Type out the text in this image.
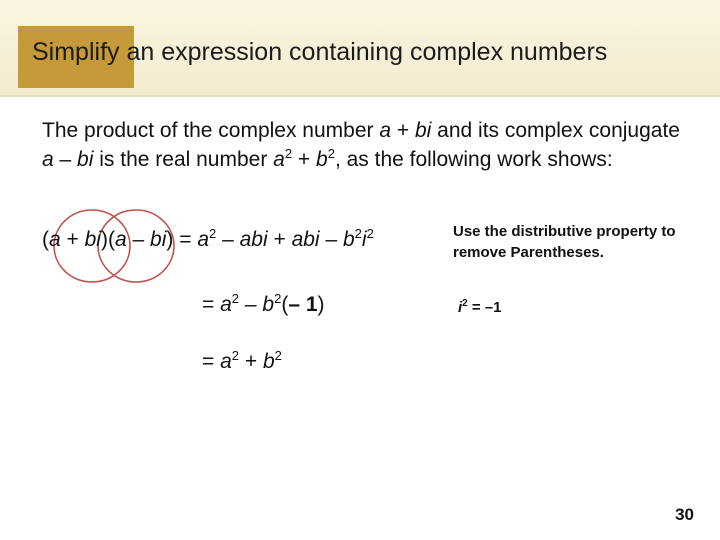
Simplify an expression containing complex numbers

The product of the complex number a + bi and its complex conjugate a – bi is the real number $a^2 + b^2$, as the following work shows:

$(a + bi)(a - bi) = a^2$ – abi + abi – $b^2i^2$	Use the distributive property to remove Parentheses.
= $a^2 - b^2(-$ 1)	$i^2 = -1$
= $a^2 + b^2$
30
